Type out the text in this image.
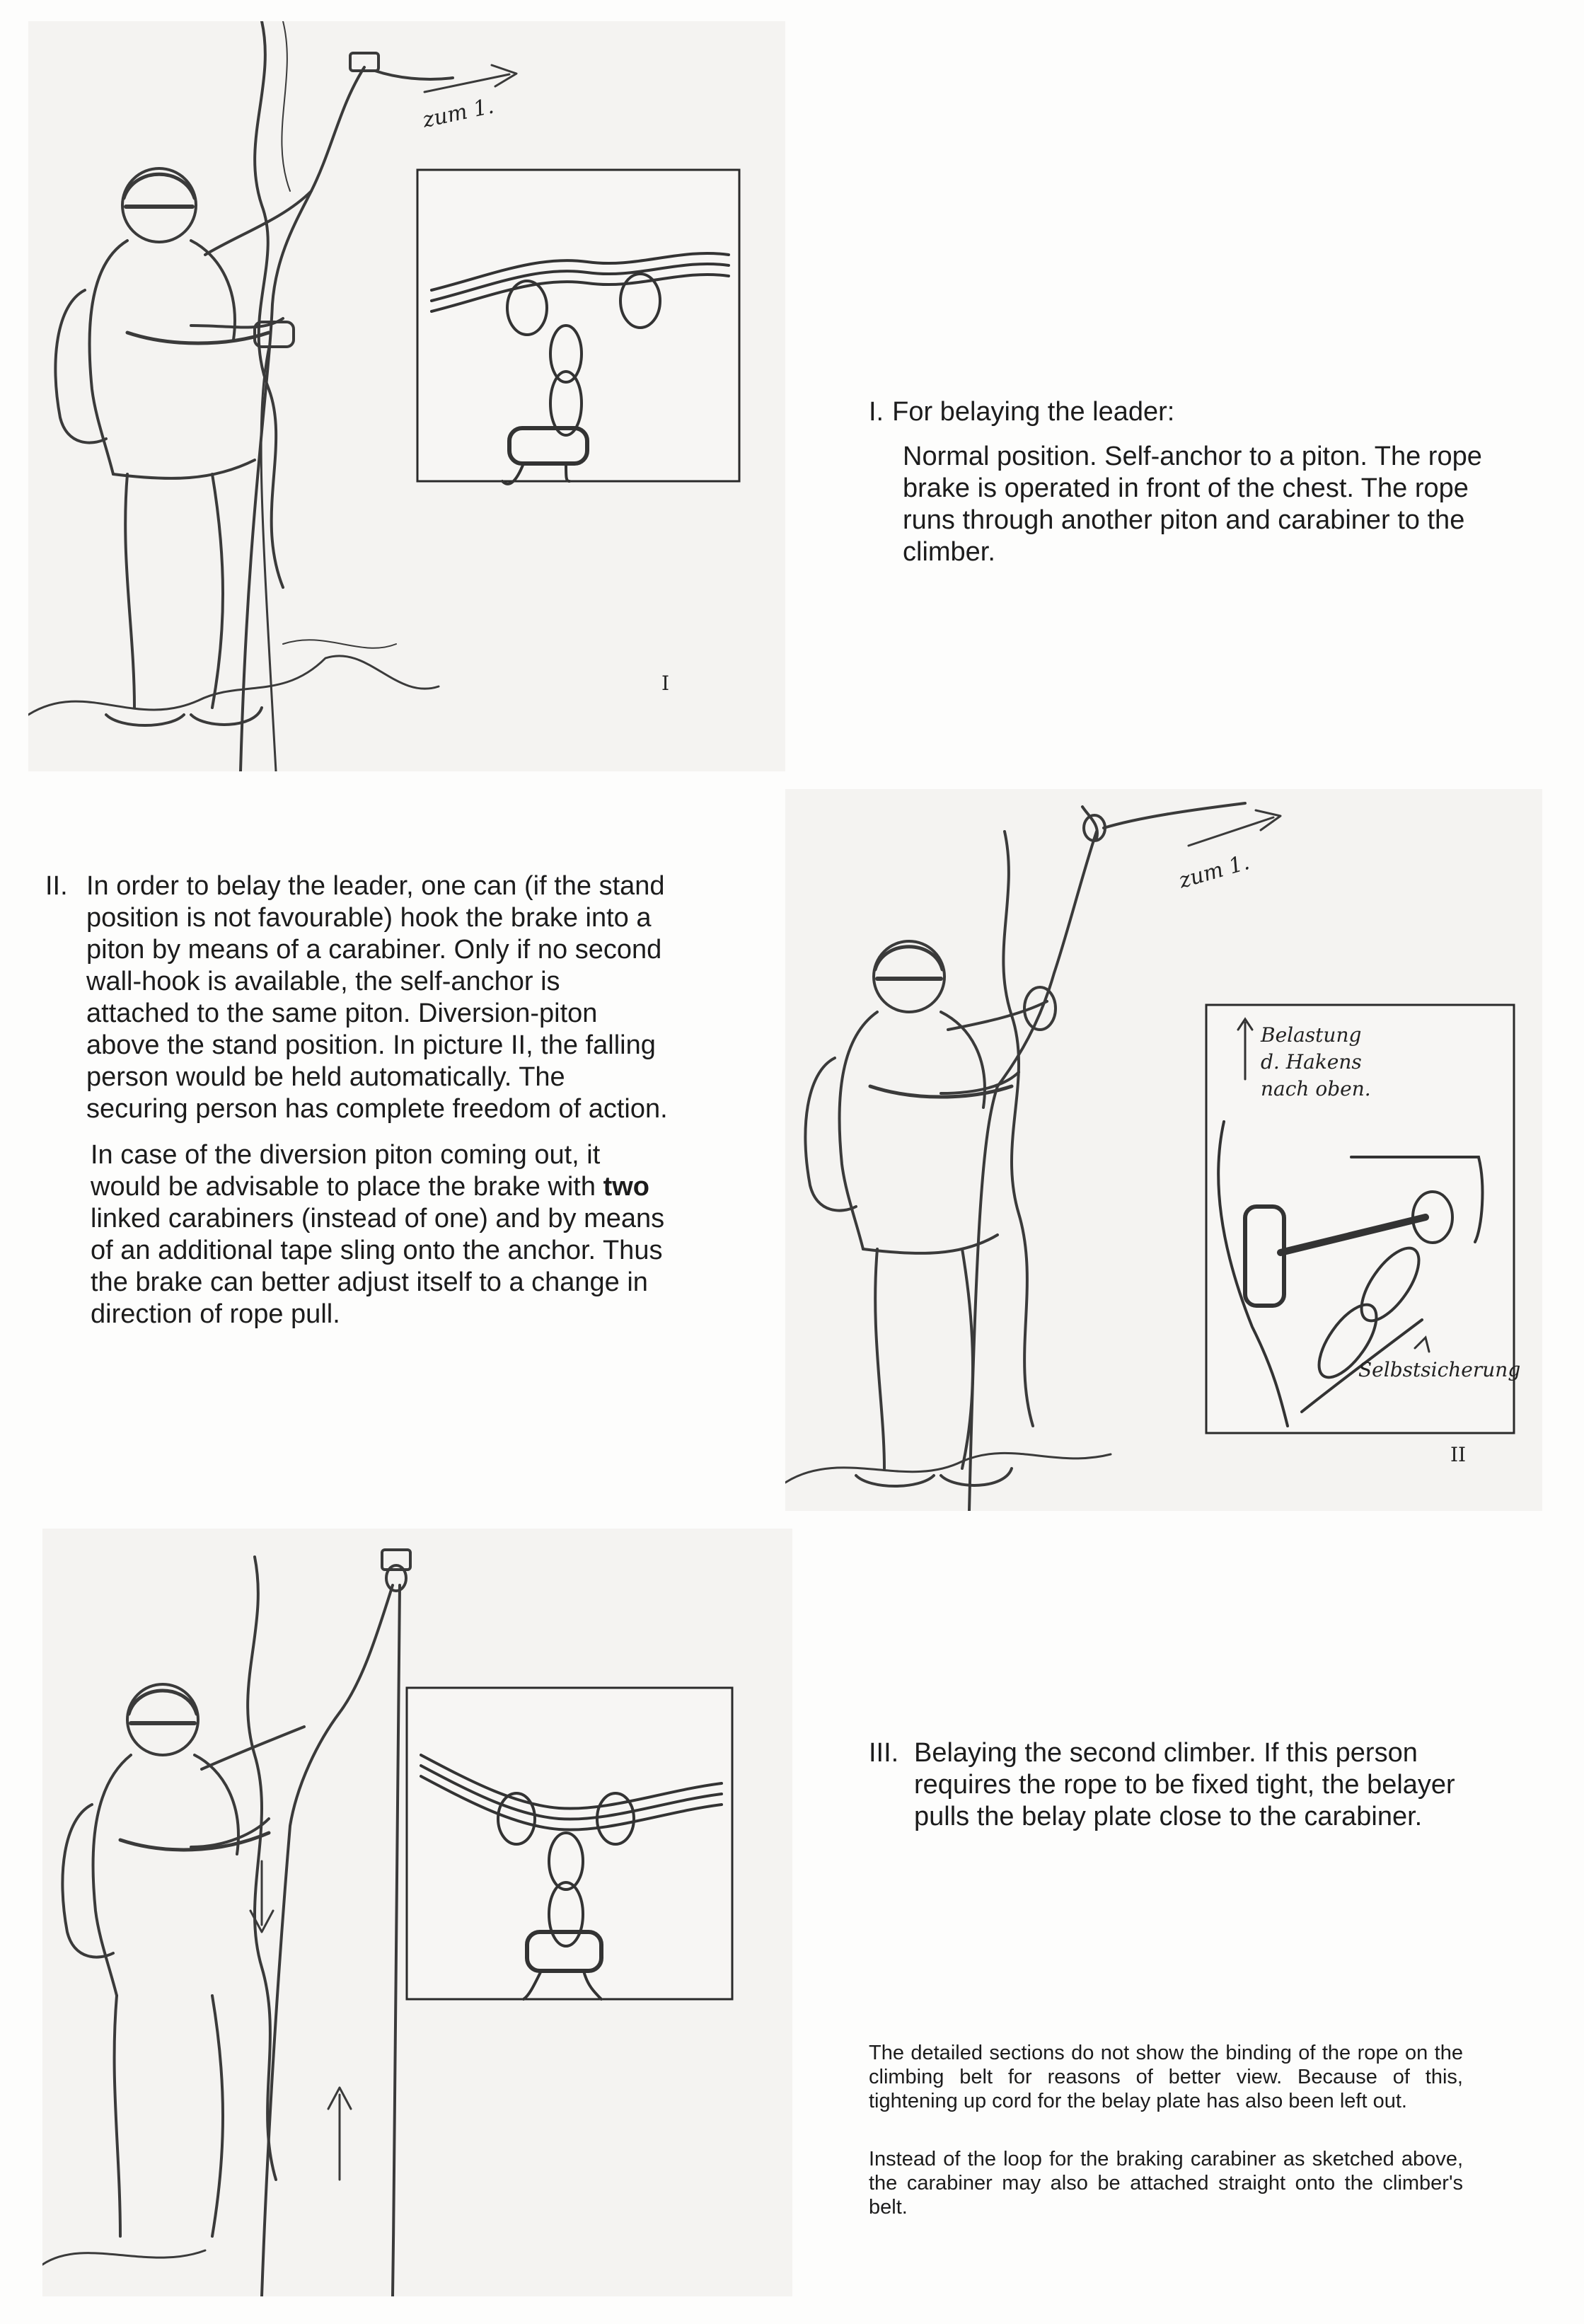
zum 1.
I

I. For belaying the leader:

Normal position. Self-anchor to a piton. The rope brake is operated in front of the chest. The rope runs through another piton and carabiner to the climber.

II. In order to belay the leader, one can (if the stand position is not favourable) hook the brake into a piton by means of a carabiner. Only if no second wall-hook is available, the self-anchor is attached to the same piton. Diversion-piton above the stand position. In picture II, the falling person would be held automatically. The securing person has complete freedom of action.

In case of the diversion piton coming out, it would be advisable to place the brake with two linked carabiners (instead of one) and by means of an additional tape sling onto the anchor. Thus the brake can better adjust itself to a change in direction of rope pull.

zum 1.
Belastung
d. Hakens
nach oben.
Selbstsicherung
II

III. Belaying the second climber. If this person requires the rope to be fixed tight, the belayer pulls the belay plate close to the carabiner.

The detailed sections do not show the binding of the rope on the climbing belt for reasons of better view. Because of this, tightening up cord for the belay plate has also been left out.

Instead of the loop for the braking carabiner as sketched above, the carabiner may also be attached straight onto the climber's belt.
